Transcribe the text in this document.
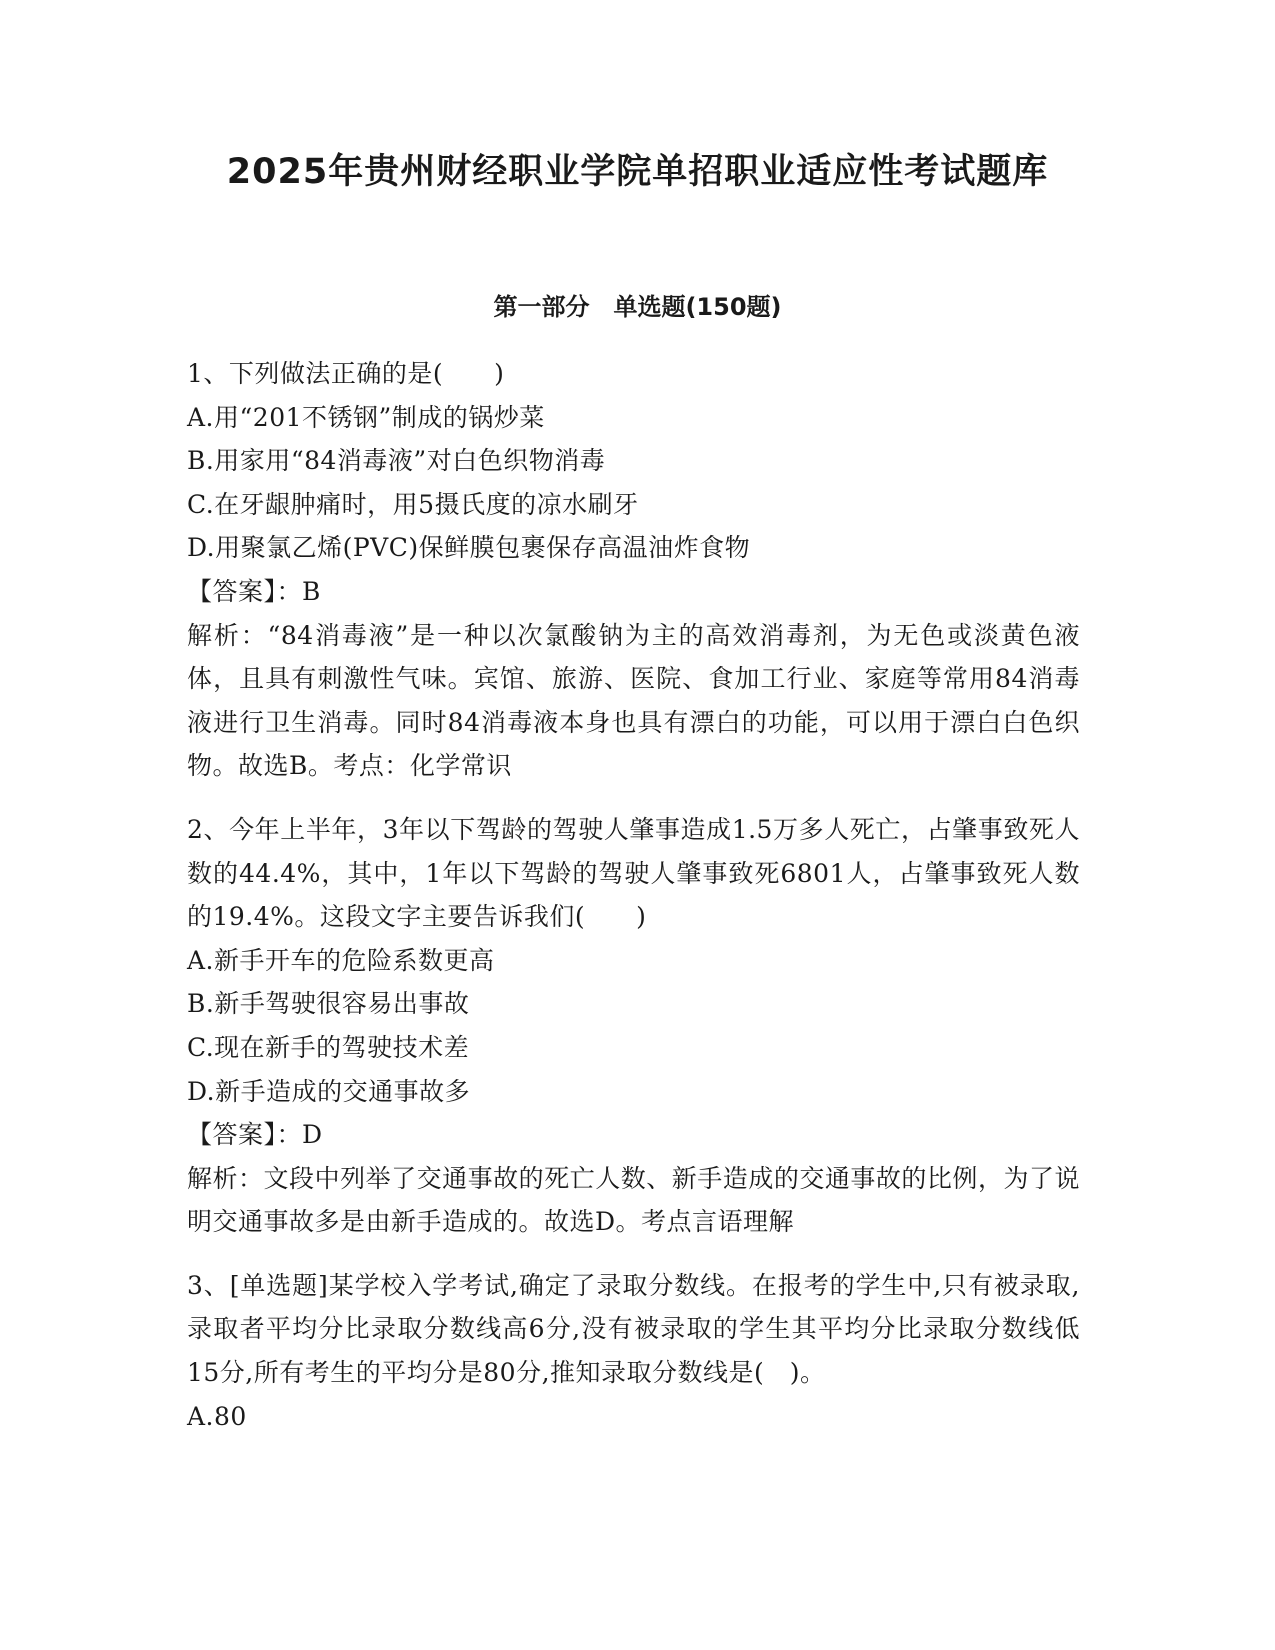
2025年贵州财经职业学院单招职业适应性考试题库
第一部分　单选题(150题)
1、下列做法正确的是(　　)
A.用“201不锈钢”制成的锅炒菜
B.用家用“84消毒液”对白色织物消毒
C.在牙龈肿痛时，用5摄氏度的凉水刷牙
D.用聚氯乙烯(PVC)保鲜膜包裹保存高温油炸食物
【答案】：B
解析：“84消毒液”是一种以次氯酸钠为主的高效消毒剂，为无色或淡黄色液体，且具有刺激性气味。宾馆、旅游、医院、食加工行业、家庭等常用84消毒液进行卫生消毒。同时84消毒液本身也具有漂白的功能，可以用于漂白白色织物。故选B。考点：化学常识
2、今年上半年，3年以下驾龄的驾驶人肇事造成1.5万多人死亡，占肇事致死人数的44.4%，其中，1年以下驾龄的驾驶人肇事致死6801人，占肇事致死人数的19.4%。这段文字主要告诉我们(　　)
A.新手开车的危险系数更高
B.新手驾驶很容易出事故
C.现在新手的驾驶技术差
D.新手造成的交通事故多
【答案】：D
解析：文段中列举了交通事故的死亡人数、新手造成的交通事故的比例，为了说明交通事故多是由新手造成的。故选D。考点言语理解
3、[单选题]某学校入学考试,确定了录取分数线。在报考的学生中,只有被录取,录取者平均分比录取分数线高6分,没有被录取的学生其平均分比录取分数线低15分,所有考生的平均分是80分,推知录取分数线是(　)。
A.80
